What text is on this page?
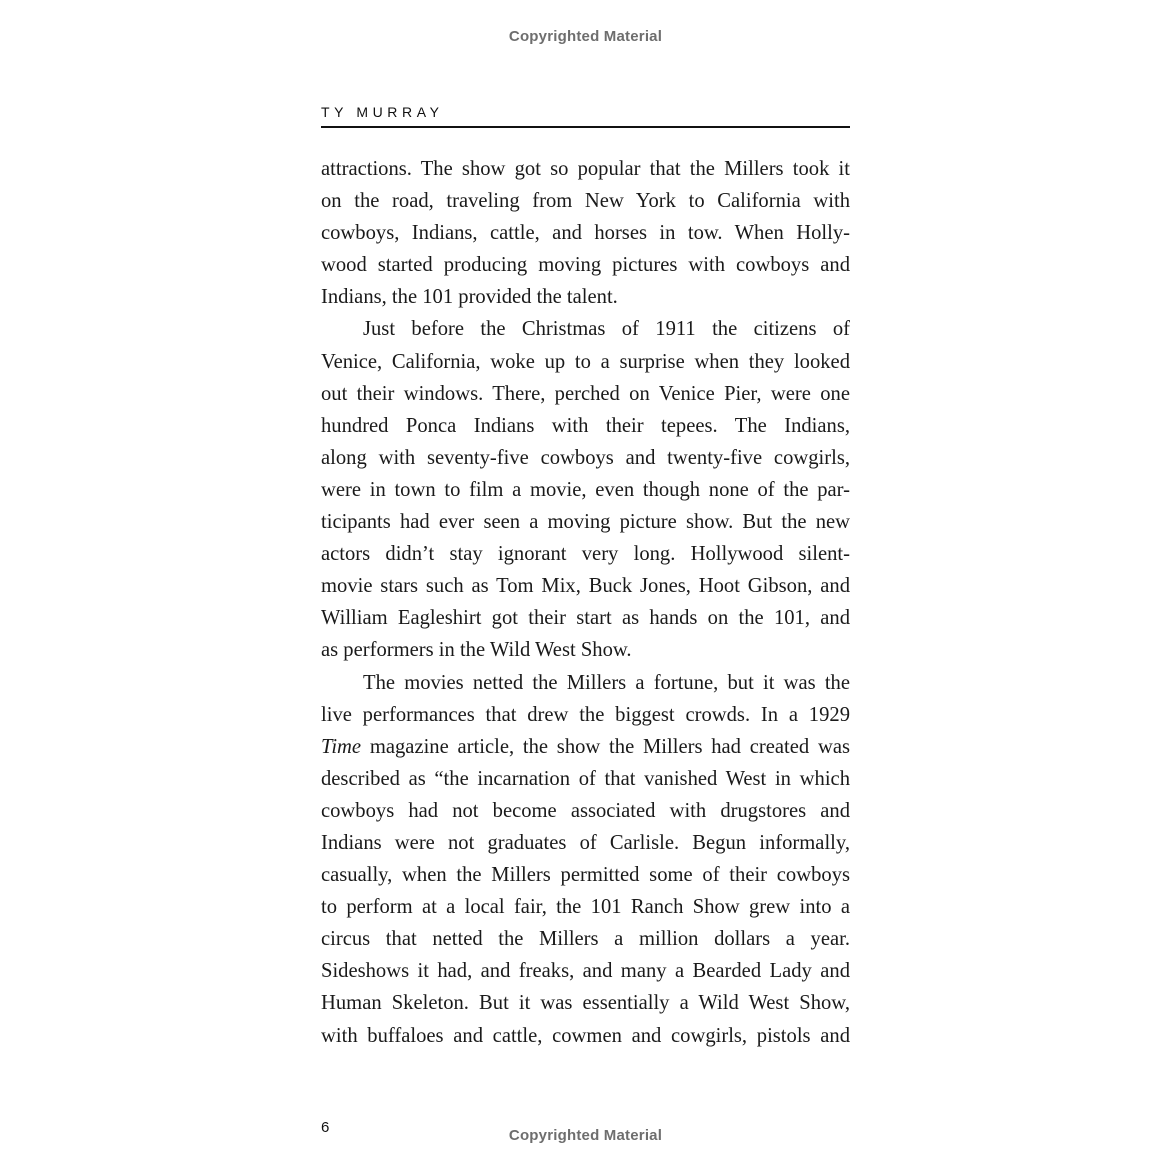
Copyrighted Material
TY MURRAY
attractions. The show got so popular that the Millers took it
on the road, traveling from New York to California with
cowboys, Indians, cattle, and horses in tow. When Holly-
wood started producing moving pictures with cowboys and
Indians, the 101 provided the talent.
Just before the Christmas of 1911 the citizens of
Venice, California, woke up to a surprise when they looked
out their windows. There, perched on Venice Pier, were one
hundred Ponca Indians with their tepees. The Indians,
along with seventy-five cowboys and twenty-five cowgirls,
were in town to film a movie, even though none of the par-
ticipants had ever seen a moving picture show. But the new
actors didn’t stay ignorant very long. Hollywood silent-
movie stars such as Tom Mix, Buck Jones, Hoot Gibson, and
William Eagleshirt got their start as hands on the 101, and
as performers in the Wild West Show.
The movies netted the Millers a fortune, but it was the
live performances that drew the biggest crowds. In a 1929
Time magazine article, the show the Millers had created was
described as “the incarnation of that vanished West in which
cowboys had not become associated with drugstores and
Indians were not graduates of Carlisle. Begun informally,
casually, when the Millers permitted some of their cowboys
to perform at a local fair, the 101 Ranch Show grew into a
circus that netted the Millers a million dollars a year.
Sideshows it had, and freaks, and many a Bearded Lady and
Human Skeleton. But it was essentially a Wild West Show,
with buffaloes and cattle, cowmen and cowgirls, pistols and
6	Copyrighted Material
